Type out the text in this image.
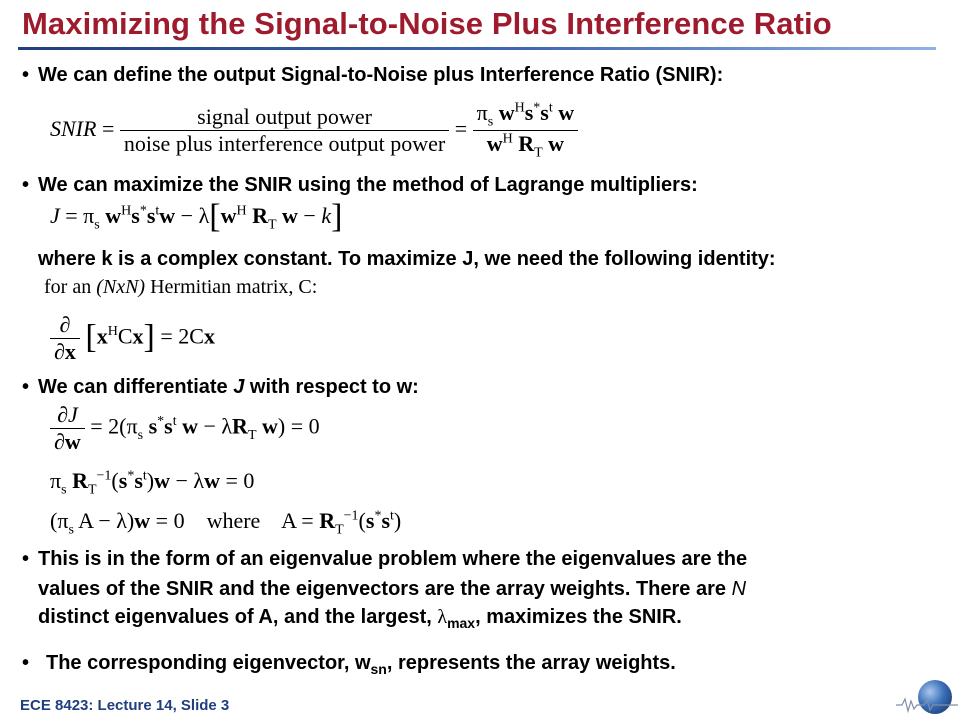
Maximizing the Signal-to-Noise Plus Interference Ratio
• We can define the output Signal-to-Noise plus Interference Ratio (SNIR):
SNIR = $\frac{\text{signal output power}}{\text{noise plus interference output power}} = \frac{\pi_s w^Hs^*s^t w}{w^H R_T w}$
• We can maximize the SNIR using the method of Lagrange multipliers:
$J = \pi_s$ $w^Hs^*s^tw - \lambda[w^H$ $R_T$ w − k]
where k is a complex constant. To maximize J, we need the following identity:
for an (NxN) Hermitian matrix, C:
$\frac{\partial}{\partial x} [x^HCx] = 2Cx$
• We can differentiate J with respect to w:
$\frac{\partial J}{\partial w} = 2(\pi_s$ $s^*s^t$ $w - \lambda R_T$ w) = 0
$\pi_s$ $R_T^{-1}(s^*s^t)w - \lambda w = 0$
($\pi_s$ A − λ)w = 0    where    $A = R_T^{-1}(s^*s^t)$
• This is in the form of an eigenvalue problem where the eigenvalues are the
values of the SNIR and the eigenvectors are the array weights. There are N
distinct eigenvalues of A, and the largest, $\lambda_{max}$, maximizes the SNIR.
• The corresponding eigenvector, $w_{sn}$, represents the array weights.
ECE 8423: Lecture 14, Slide 3
